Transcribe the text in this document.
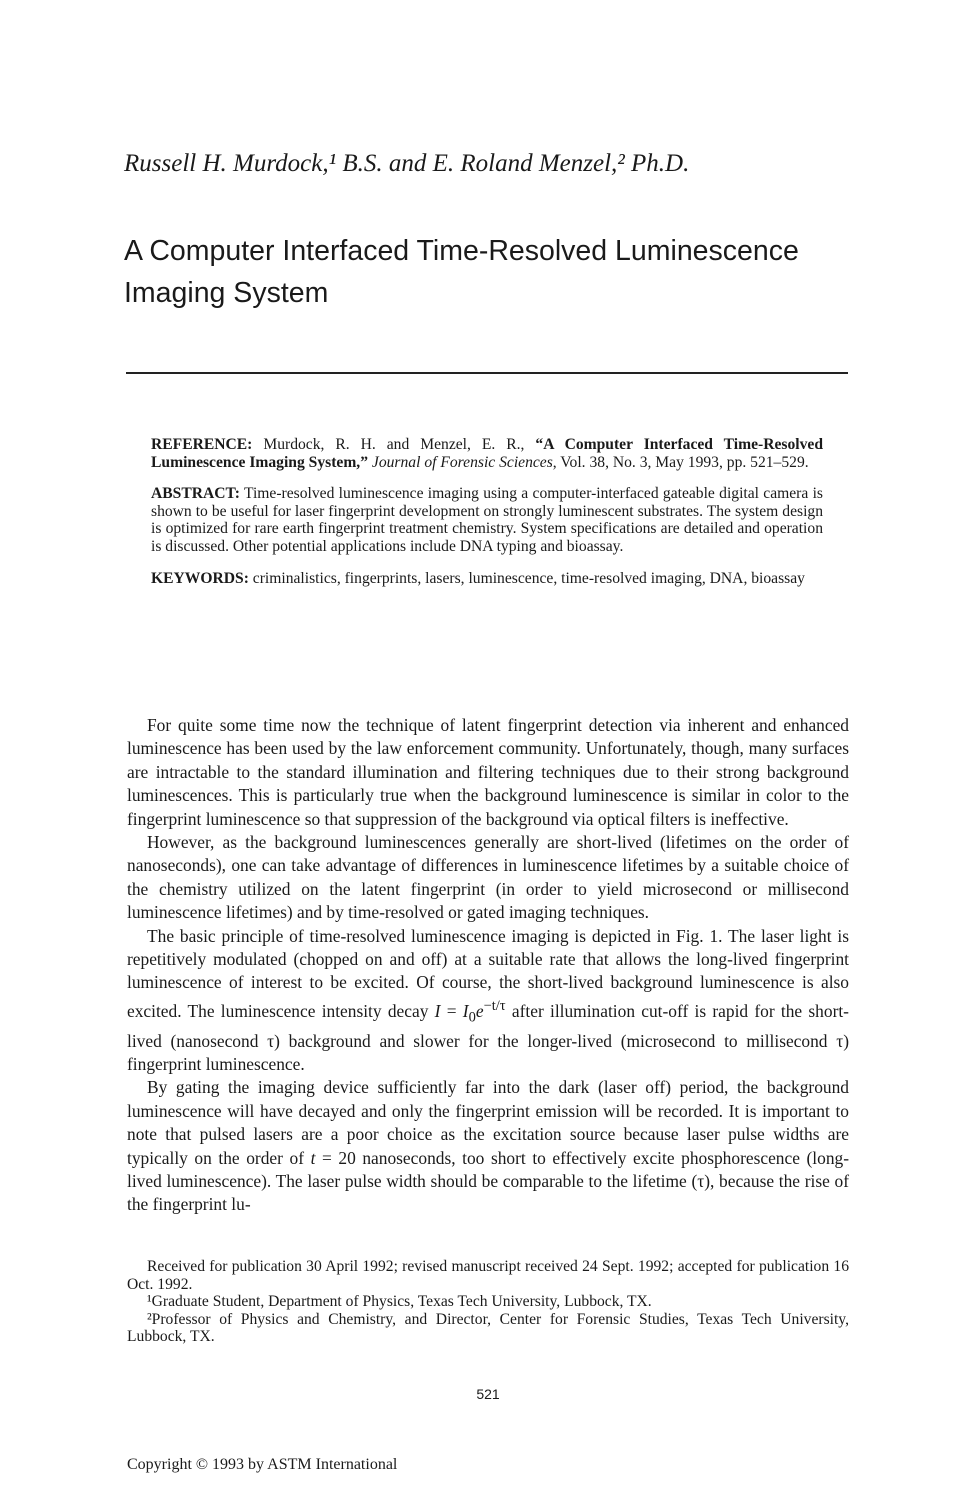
Russell H. Murdock,¹ B.S. and E. Roland Menzel,² Ph.D.
A Computer Interfaced Time-Resolved Luminescence Imaging System

REFERENCE: Murdock, R. H. and Menzel, E. R., “A Computer Interfaced Time-Resolved Luminescence Imaging System,” Journal of Forensic Sciences, Vol. 38, No. 3, May 1993, pp. 521–529.

ABSTRACT: Time-resolved luminescence imaging using a computer-interfaced gateable digital camera is shown to be useful for laser fingerprint development on strongly luminescent substrates. The system design is optimized for rare earth fingerprint treatment chemistry. System specifications are detailed and operation is discussed. Other potential applications include DNA typing and bioassay.

KEYWORDS: criminalistics, fingerprints, lasers, luminescence, time-resolved imaging, DNA, bioassay

For quite some time now the technique of latent fingerprint detection via inherent and enhanced luminescence has been used by the law enforcement community. Unfortunately, though, many surfaces are intractable to the standard illumination and filtering techniques due to their strong background luminescences. This is particularly true when the background luminescence is similar in color to the fingerprint luminescence so that suppression of the background via optical filters is ineffective.

However, as the background luminescences generally are short-lived (lifetimes on the order of nanoseconds), one can take advantage of differences in luminescence lifetimes by a suitable choice of the chemistry utilized on the latent fingerprint (in order to yield microsecond or millisecond luminescence lifetimes) and by time-resolved or gated imaging techniques.

The basic principle of time-resolved luminescence imaging is depicted in Fig. 1. The laser light is repetitively modulated (chopped on and off) at a suitable rate that allows the long-lived fingerprint luminescence of interest to be excited. Of course, the short-lived background luminescence is also excited. The luminescence intensity decay $I = I_0e^{-t/\tau}$ after illumination cut-off is rapid for the short-lived (nanosecond τ) background and slower for the longer-lived (microsecond to millisecond τ) fingerprint luminescence.

By gating the imaging device sufficiently far into the dark (laser off) period, the background luminescence will have decayed and only the fingerprint emission will be recorded. It is important to note that pulsed lasers are a poor choice as the excitation source because laser pulse widths are typically on the order of t = 20 nanoseconds, too short to effectively excite phosphorescence (long-lived luminescence). The laser pulse width should be comparable to the lifetime (τ), because the rise of the fingerprint lu-

Received for publication 30 April 1992; revised manuscript received 24 Sept. 1992; accepted for publication 16 Oct. 1992.

¹Graduate Student, Department of Physics, Texas Tech University, Lubbock, TX.

²Professor of Physics and Chemistry, and Director, Center for Forensic Studies, Texas Tech University, Lubbock, TX.

521
Copyright © 1993 by ASTM International
